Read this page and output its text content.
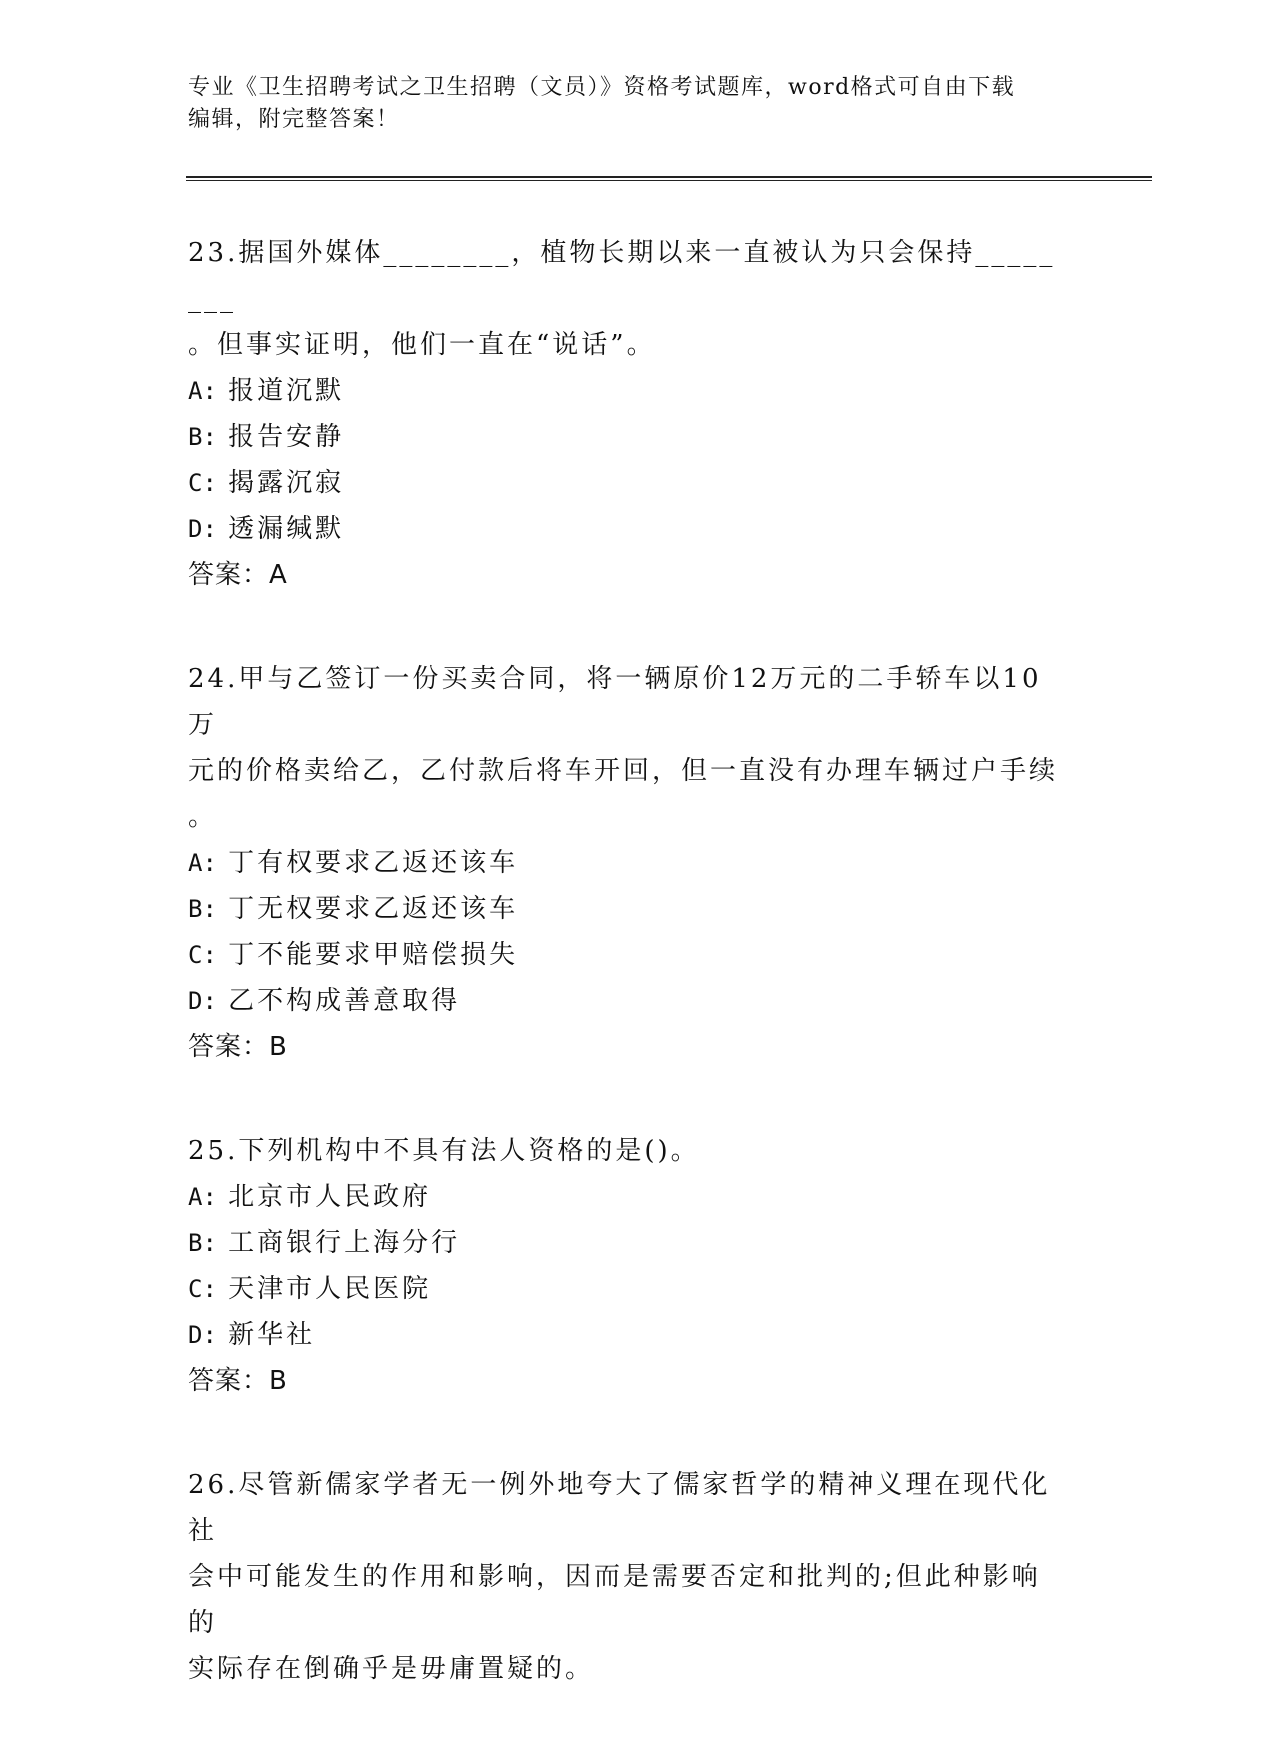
专业《卫生招聘考试之卫生招聘（文员）》资格考试题库，word格式可自由下载
编辑，附完整答案！

23.据国外媒体________，植物长期以来一直被认为只会保持________

。但事实证明，他们一直在“说话”。

A: 报道沉默

B: 报告安静

C: 揭露沉寂

D: 透漏缄默

答案：A

24.甲与乙签订一份买卖合同，将一辆原价12万元的二手轿车以10万

元的价格卖给乙，乙付款后将车开回，但一直没有办理车辆过户手续

。

A: 丁有权要求乙返还该车

B: 丁无权要求乙返还该车

C: 丁不能要求甲赔偿损失

D: 乙不构成善意取得

答案：B

25.下列机构中不具有法人资格的是()。

A: 北京市人民政府

B: 工商银行上海分行

C: 天津市人民医院

D: 新华社

答案：B

26.尽管新儒家学者无一例外地夸大了儒家哲学的精神义理在现代化社

会中可能发生的作用和影响，因而是需要否定和批判的;但此种影响的

实际存在倒确乎是毋庸置疑的。
